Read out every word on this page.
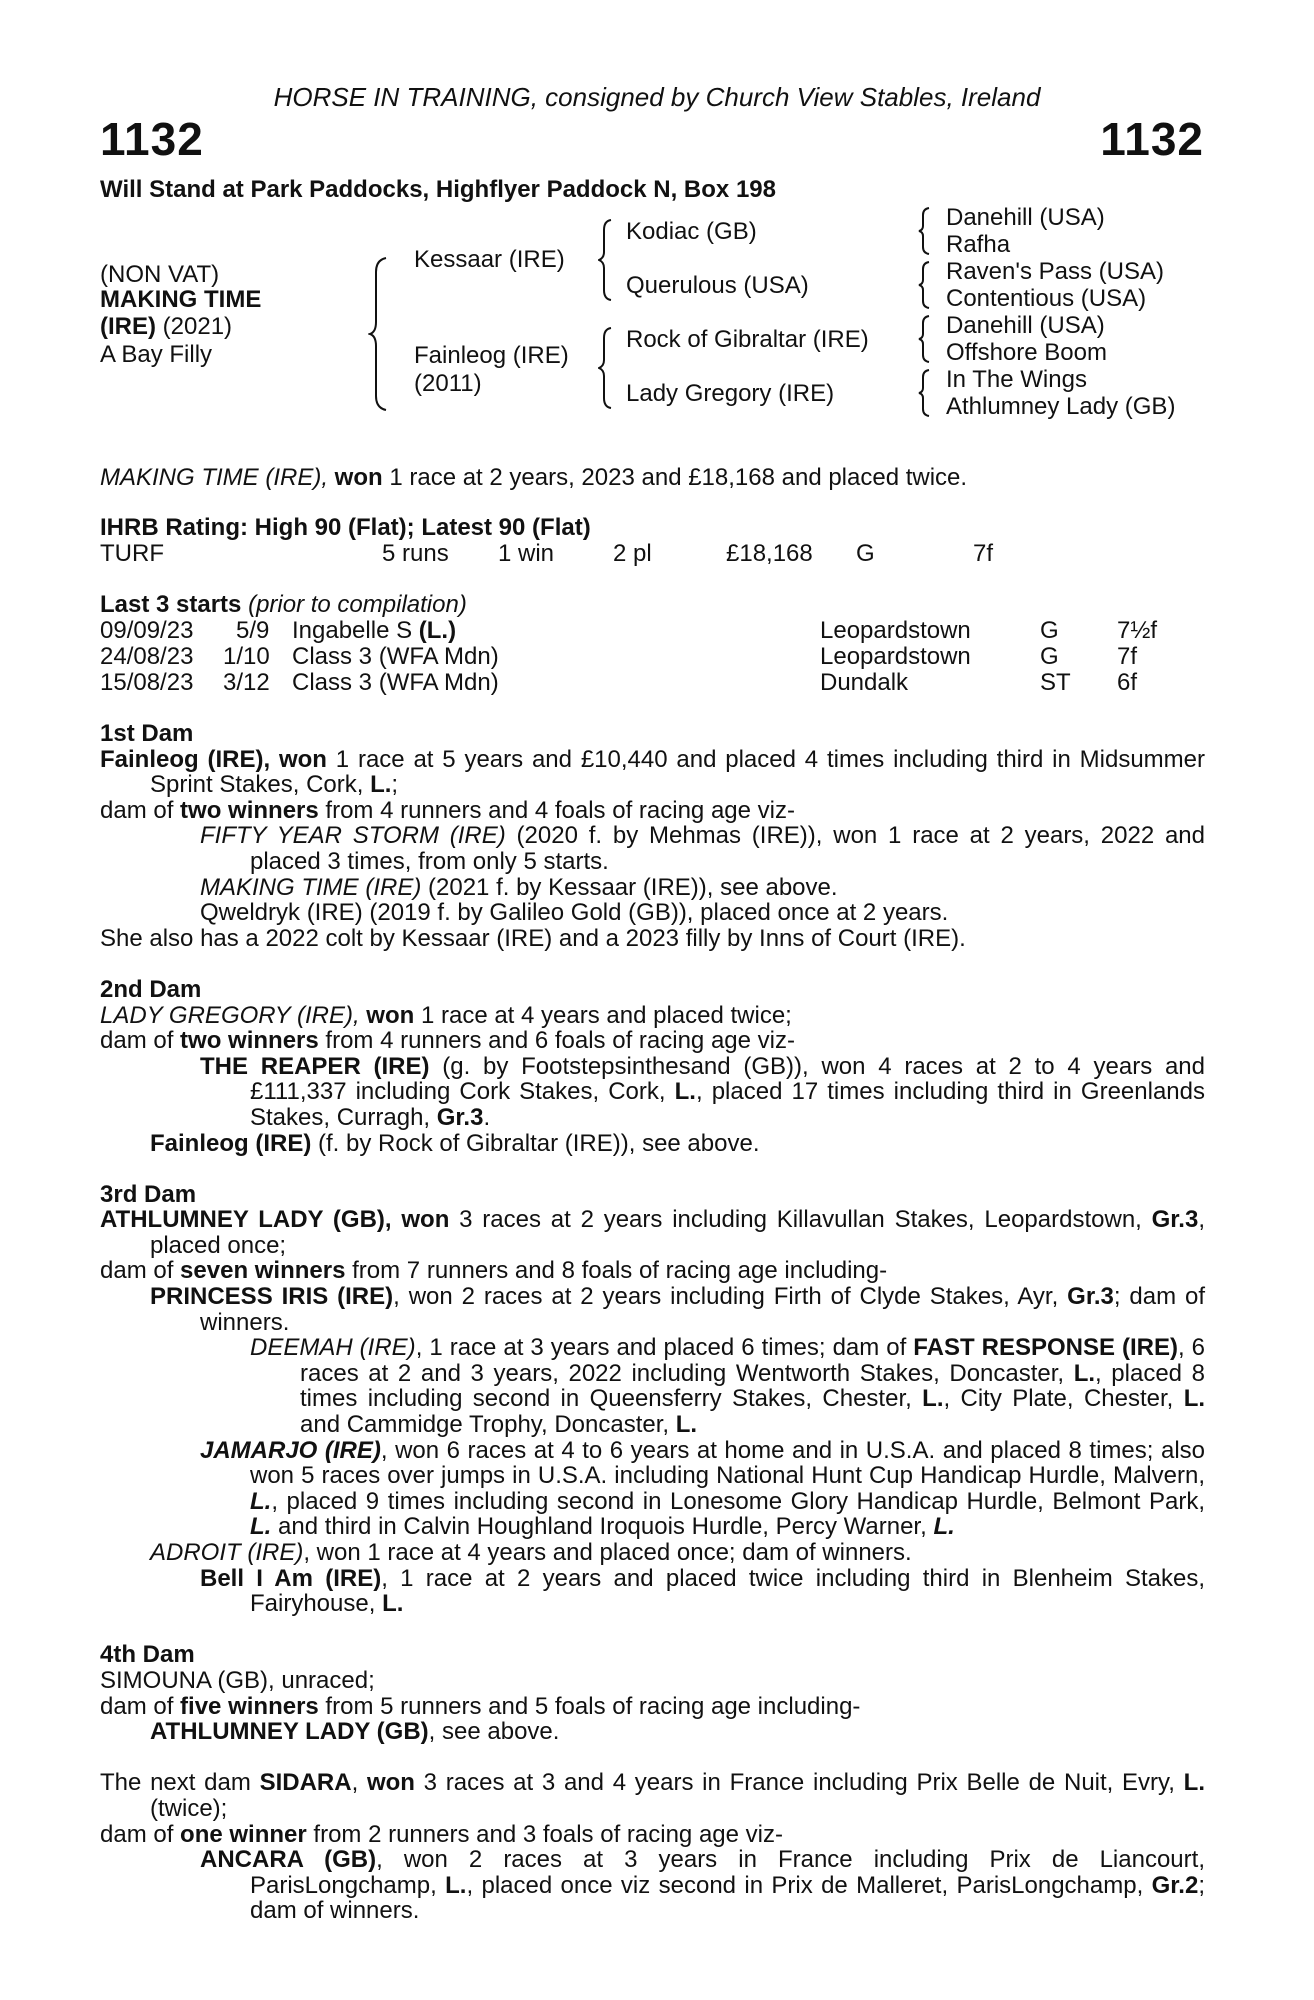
HORSE IN TRAINING, consigned by Church View Stables, Ireland
1132	1132
Will Stand at Park Paddocks, Highflyer Paddock N, Box 198
(NON VAT)
MAKING TIME
(IRE) (2021)
A Bay Filly
Kessaar (IRE)
Fainleog (IRE)
(2011)
Kodiac (GB)
Querulous (USA)
Rock of Gibraltar (IRE)
Lady Gregory (IRE)
Danehill (USA)
Rafha
Raven's Pass (USA)
Contentious (USA)
Danehill (USA)
Offshore Boom
In The Wings
Athlumney Lady (GB)
MAKING TIME (IRE), won 1 race at 2 years, 2023 and £18,168 and placed twice.
IHRB Rating: High 90 (Flat); Latest 90 (Flat)
TURF	5 runs 1 win 2 pl	£18,168 G	7f
Last 3 starts (prior to compilation)
09/09/23 5/9 Ingabelle S (L.)	Leopardstown	G 7½f
24/08/23 1/10 Class 3 (WFA Mdn)	Leopardstown	G 7f
15/08/23 3/12 Class 3 (WFA Mdn)	Dundalk	ST 6f

1st Dam

Fainleog (IRE), won 1 race at 5 years and £10,440 and placed 4 times including third in Midsummer Sprint Stakes, Cork, L.;

dam of two winners from 4 runners and 4 foals of racing age viz-

FIFTY YEAR STORM (IRE) (2020 f. by Mehmas (IRE)), won 1 race at 2 years, 2022 and placed 3 times, from only 5 starts.

MAKING TIME (IRE) (2021 f. by Kessaar (IRE)), see above.

Qweldryk (IRE) (2019 f. by Galileo Gold (GB)), placed once at 2 years.

She also has a 2022 colt by Kessaar (IRE) and a 2023 filly by Inns of Court (IRE).

2nd Dam

LADY GREGORY (IRE), won 1 race at 4 years and placed twice;

dam of two winners from 4 runners and 6 foals of racing age viz-

THE REAPER (IRE) (g. by Footstepsinthesand (GB)), won 4 races at 2 to 4 years and £111,337 including Cork Stakes, Cork, L., placed 17 times including third in Greenlands Stakes, Curragh, Gr.3.

Fainleog (IRE) (f. by Rock of Gibraltar (IRE)), see above.

3rd Dam

ATHLUMNEY LADY (GB), won 3 races at 2 years including Killavullan Stakes, Leopardstown, Gr.3, placed once;

dam of seven winners from 7 runners and 8 foals of racing age including-

PRINCESS IRIS (IRE), won 2 races at 2 years including Firth of Clyde Stakes, Ayr, Gr.3; dam of winners.

DEEMAH (IRE), 1 race at 3 years and placed 6 times; dam of FAST RESPONSE (IRE), 6 races at 2 and 3 years, 2022 including Wentworth Stakes, Doncaster, L., placed 8 times including second in Queensferry Stakes, Chester, L., City Plate, Chester, L. and Cammidge Trophy, Doncaster, L.

JAMARJO (IRE), won 6 races at 4 to 6 years at home and in U.S.A. and placed 8 times; also won 5 races over jumps in U.S.A. including National Hunt Cup Handicap Hurdle, Malvern, L., placed 9 times including second in Lonesome Glory Handicap Hurdle, Belmont Park, L. and third in Calvin Houghland Iroquois Hurdle, Percy Warner, L.

ADROIT (IRE), won 1 race at 4 years and placed once; dam of winners.

Bell I Am (IRE), 1 race at 2 years and placed twice including third in Blenheim Stakes, Fairyhouse, L.

4th Dam

SIMOUNA (GB), unraced;

dam of five winners from 5 runners and 5 foals of racing age including-

ATHLUMNEY LADY (GB), see above.

The next dam SIDARA, won 3 races at 3 and 4 years in France including Prix Belle de Nuit, Evry, L. (twice);

dam of one winner from 2 runners and 3 foals of racing age viz-

ANCARA (GB), won 2 races at 3 years in France including Prix de Liancourt, ParisLongchamp, L., placed once viz second in Prix de Malleret, ParisLongchamp, Gr.2; dam of winners.
